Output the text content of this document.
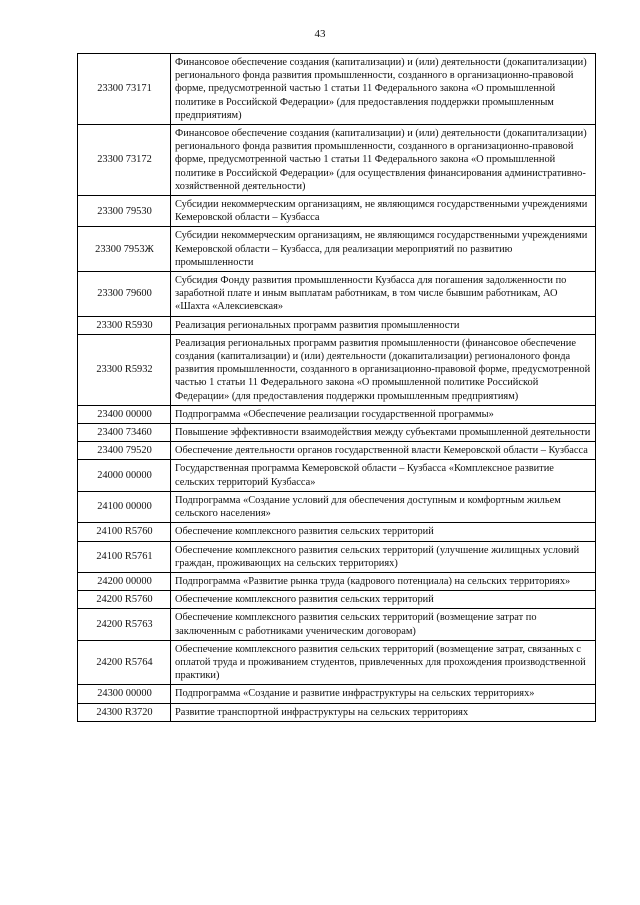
43
23300 73171	Финансовое обеспечение создания (капитализации) и (или) деятельности (докапитализации) регионального фонда развития промышленности, созданного в организационно-правовой форме, предусмотренной частью 1 статьи 11 Федерального закона «О промышленной политике в Российской Федерации» (для предоставления поддержки промышленным предприятиям)
23300 73172	Финансовое обеспечение создания (капитализации) и (или) деятельности (докапитализации) регионального фонда развития промышленности, созданного в организационно-правовой форме, предусмотренной частью 1 статьи 11 Федерального закона «О промышленной политике в Российской Федерации» (для осуществления финансирования административно-хозяйственной деятельности)
23300 79530	Субсидии некоммерческим организациям, не являющимся государственными учреждениями Кемеровской области – Кузбасса
23300 7953Ж	Субсидии некоммерческим организациям, не являющимся государственными учреждениями Кемеровской области – Кузбасса, для реализации мероприятий по развитию промышленности
23300 79600	Субсидия Фонду развития промышленности Кузбасса для погашения задолженности по заработной плате и иным выплатам работникам, в том числе бывшим работникам, АО «Шахта «Алексиевская»
23300 R5930	Реализация региональных программ развития промышленности
23300 R5932	Реализация региональных программ развития промышленности (финансовое обеспечение создания (капитализации) и (или) деятельности (докапитализации) регионалоного фонда развития промышленности, созданного в организационно-правовой форме, предусмотренной частью 1 статьи 11 Федерального закона «О промышленной политике Российской Федерации» (для предоставления поддержки промышленным предприятиям)
23400 00000	Подпрограмма «Обеспечение реализации государственной программы»
23400 73460	Повышение эффективности взаимодействия между субъектами промышленной деятельности
23400 79520	Обеспечение деятельности органов государственной власти Кемеровской области – Кузбасса
24000 00000	Государственная программа Кемеровской области – Кузбасса «Комплексное развитие сельских территорий Кузбасса»
24100 00000	Подпрограмма «Создание условий для обеспечения доступным и комфортным жильем сельского населения»
24100 R5760	Обеспечение комплексного развития сельских территорий
24100 R5761	Обеспечение комплексного развития сельских территорий (улучшение жилищных условий граждан, проживающих на сельских территориях)
24200 00000	Подпрограмма «Развитие рынка труда (кадрового потенциала) на сельских территориях»
24200 R5760	Обеспечение комплексного развития сельских территорий
24200 R5763	Обеспечение комплексного развития сельских территорий (возмещение затрат по заключенным с работниками ученическим договорам)
24200 R5764	Обеспечение комплексного развития сельских территорий (возмещение затрат, связанных с оплатой труда и проживанием студентов, привлеченных для прохождения производственной практики)
24300 00000	Подпрограмма «Создание и развитие инфраструктуры на сельских территориях»
24300 R3720	Развитие транспортной инфраструктуры на сельских территориях
